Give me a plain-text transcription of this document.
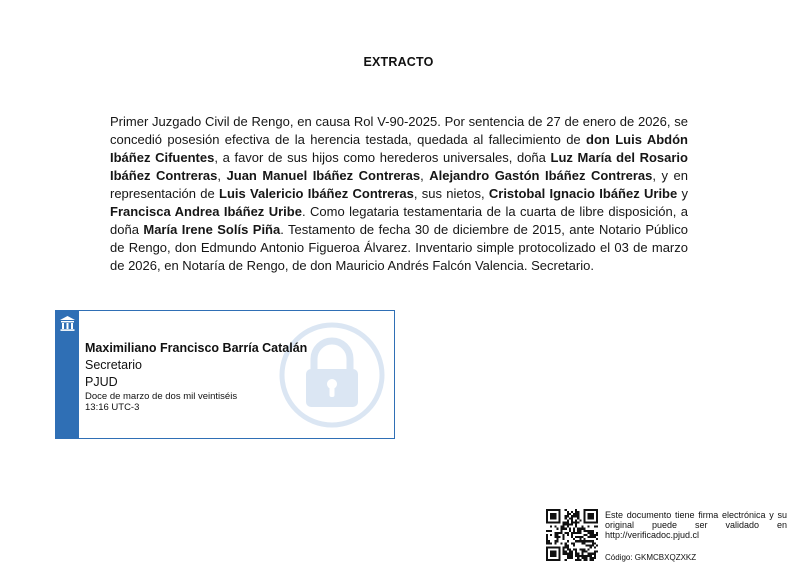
EXTRACTO
Primer Juzgado Civil de Rengo, en causa Rol V-90-2025. Por sentencia de 27 de enero de 2026, se concedió posesión efectiva de la herencia testada, quedada al fallecimiento de don Luis Abdón Ibáñez Cifuentes, a favor de sus hijos como herederos universales, doña Luz María del Rosario Ibáñez Contreras, Juan Manuel Ibáñez Contreras, Alejandro Gastón Ibáñez Contreras, y en representación de Luis Valericio Ibáñez Contreras, sus nietos, Cristobal Ignacio Ibáñez Uribe y Francisca Andrea Ibáñez Uribe. Como legataria testamentaria de la cuarta de libre disposición, a doña María Irene Solís Piña. Testamento de fecha 30 de diciembre de 2015, ante Notario Público de Rengo, don Edmundo Antonio Figueroa Álvarez. Inventario simple protocolizado el 03 de marzo de 2026, en Notaría de Rengo, de don Mauricio Andrés Falcón Valencia. Secretario.
Maximiliano Francisco Barría Catalán
Secretario
PJUD
Doce de marzo de dos mil veintiséis
13:16 UTC-3
Este documento tiene firma electrónica y su original puede ser validado en http://verificadoc.pjud.cl
Código: GKMCBXQZXKZ
